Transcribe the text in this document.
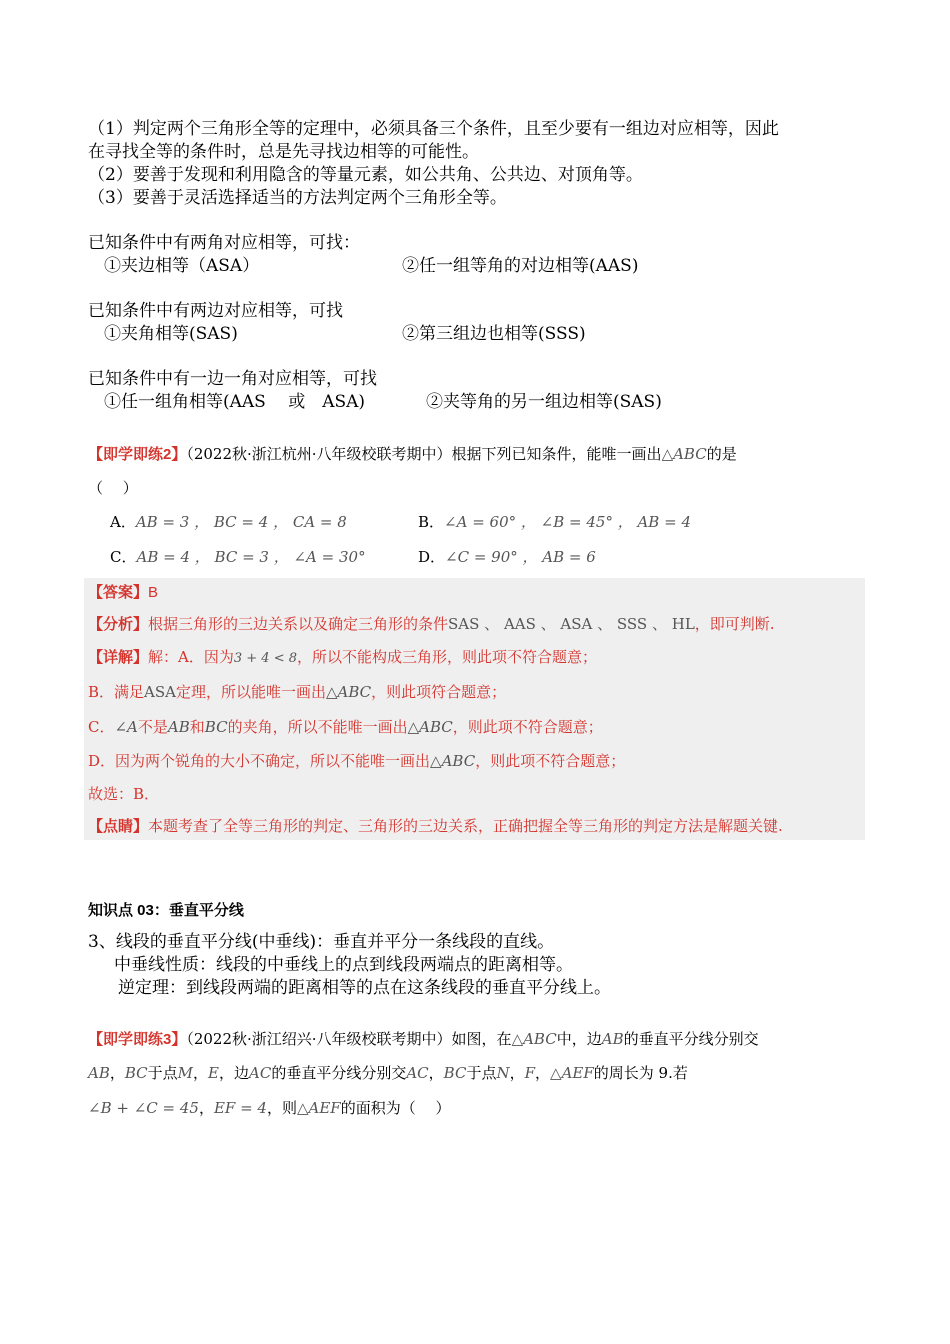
（1）判定两个三角形全等的定理中，必须具备三个条件，且至少要有一组边对应相等，因此
在寻找全等的条件时，总是先寻找边相等的可能性。
（2）要善于发现和利用隐含的等量元素，如公共角、公共边、对顶角等。
（3）要善于灵活选择适当的方法判定两个三角形全等。
已知条件中有两角对应相等，可找：
①夹边相等（ASA）	②任一组等角的对边相等(AAS)
已知条件中有两边对应相等，可找
①夹角相等(SAS)	②第三组边也相等(SSS)
已知条件中有一边一角对应相等，可找
①任一组角相等(AAS　 或　ASA)	②夹等角的另一组边相等(SAS)
【即学即练2】（2022秋·浙江杭州·八年级校联考期中）根据下列已知条件，能唯一画出△ABC的是
（　 ）
A．AB = 3 ， BC = 4 ， CA = 8	B．∠A = 60° ， ∠B = 45° ， AB = 4
C．AB = 4 ， BC = 3 ， ∠A = 30°	D．∠C = 90° ， AB = 6
【答案】B
【分析】根据三角形的三边关系以及确定三角形的条件SAS 、 AAS 、 ASA 、 SSS 、 HL，即可判断.
【详解】解：A．因为3 + 4 < 8，所以不能构成三角形，则此项不符合题意；
B．满足ASA定理，所以能唯一画出△ABC，则此项符合题意；
C．∠A不是AB和BC的夹角，所以不能唯一画出△ABC，则此项不符合题意；
D．因为两个锐角的大小不确定，所以不能唯一画出△ABC，则此项不符合题意；
故选：B．
【点睛】本题考查了全等三角形的判定、三角形的三边关系，正确把握全等三角形的判定方法是解题关键.
知识点 03：垂直平分线
3、线段的垂直平分线(中垂线)：垂直并平分一条线段的直线。
中垂线性质：线段的中垂线上的点到线段两端点的距离相等。
逆定理：到线段两端的距离相等的点在这条线段的垂直平分线上。
【即学即练3】（2022秋·浙江绍兴·八年级校联考期中）如图，在△ABC中，边AB的垂直平分线分别交
AB，BC于点M，E，边AC的垂直平分线分别交AC，BC于点N，F，△AEF的周长为 9.若
∠B + ∠C = 45，EF = 4，则△AEF的面积为（　 ）
